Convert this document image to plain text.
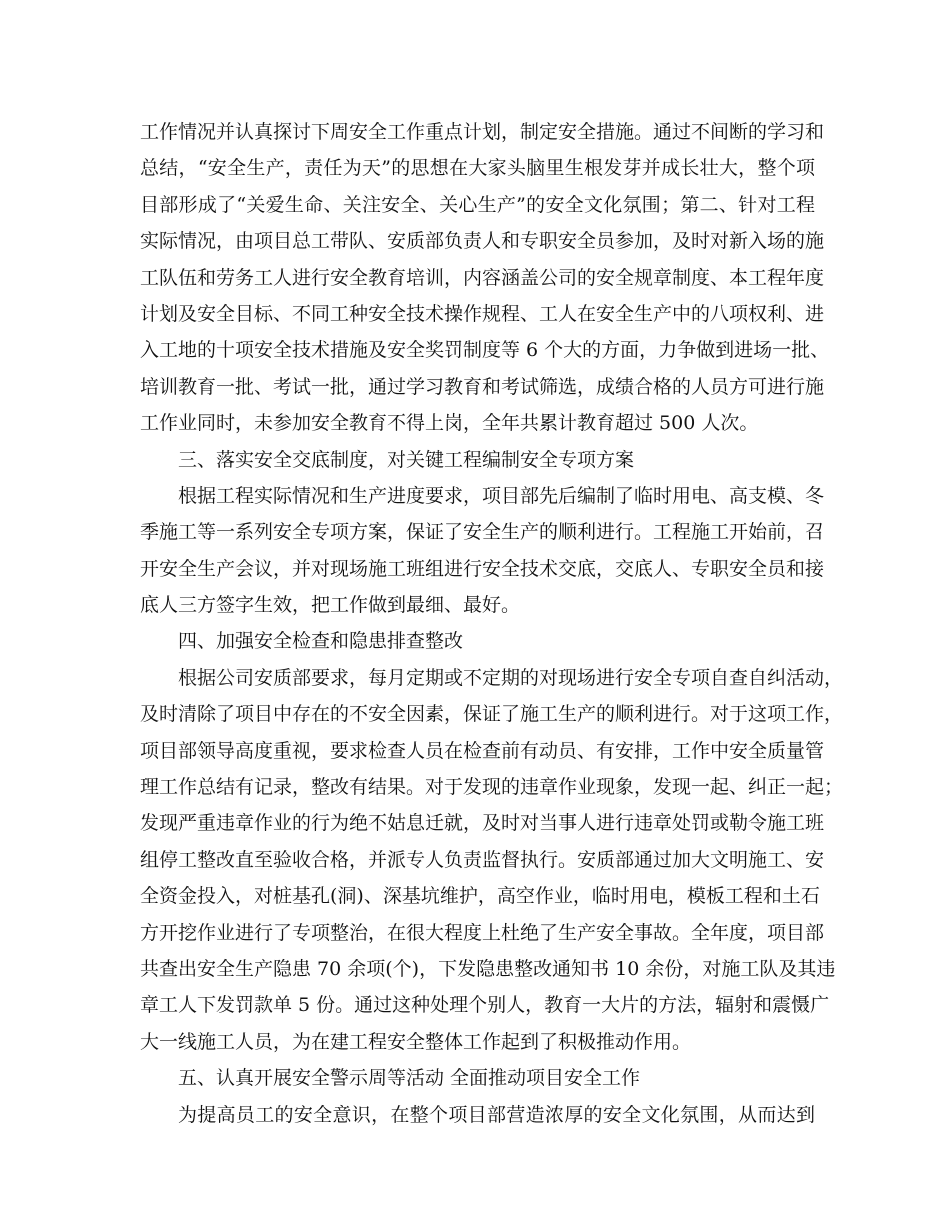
工作情况并认真探讨下周安全工作重点计划，制定安全措施。通过不间断的学习和
总结，“安全生产，责任为天”的思想在大家头脑里生根发芽并成长壮大，整个项
目部形成了“关爱生命、关注安全、关心生产”的安全文化氛围；第二、针对工程
实际情况，由项目总工带队、安质部负责人和专职安全员参加，及时对新入场的施
工队伍和劳务工人进行安全教育培训，内容涵盖公司的安全规章制度、本工程年度
计划及安全目标、不同工种安全技术操作规程、工人在安全生产中的八项权利、进
入工地的十项安全技术措施及安全奖罚制度等 6 个大的方面，力争做到进场一批、
培训教育一批、考试一批，通过学习教育和考试筛选，成绩合格的人员方可进行施
工作业同时，未参加安全教育不得上岗，全年共累计教育超过 500 人次。
三、落实安全交底制度，对关键工程编制安全专项方案
根据工程实际情况和生产进度要求，项目部先后编制了临时用电、高支模、冬
季施工等一系列安全专项方案，保证了安全生产的顺利进行。工程施工开始前，召
开安全生产会议，并对现场施工班组进行安全技术交底，交底人、专职安全员和接
底人三方签字生效，把工作做到最细、最好。
四、加强安全检查和隐患排查整改
根据公司安质部要求，每月定期或不定期的对现场进行安全专项自查自纠活动，
及时清除了项目中存在的不安全因素，保证了施工生产的顺利进行。对于这项工作，
项目部领导高度重视，要求检查人员在检查前有动员、有安排，工作中安全质量管
理工作总结有记录，整改有结果。对于发现的违章作业现象，发现一起、纠正一起；
发现严重违章作业的行为绝不姑息迁就，及时对当事人进行违章处罚或勒令施工班
组停工整改直至验收合格，并派专人负责监督执行。安质部通过加大文明施工、安
全资金投入，对桩基孔(洞)、深基坑维护，高空作业，临时用电，模板工程和土石
方开挖作业进行了专项整治，在很大程度上杜绝了生产安全事故。全年度，项目部
共查出安全生产隐患 70 余项(个)，下发隐患整改通知书 10 余份，对施工队及其违
章工人下发罚款单 5 份。通过这种处理个别人，教育一大片的方法，辐射和震慑广
大一线施工人员，为在建工程安全整体工作起到了积极推动作用。
五、认真开展安全警示周等活动 全面推动项目安全工作
为提高员工的安全意识，在整个项目部营造浓厚的安全文化氛围，从而达到
